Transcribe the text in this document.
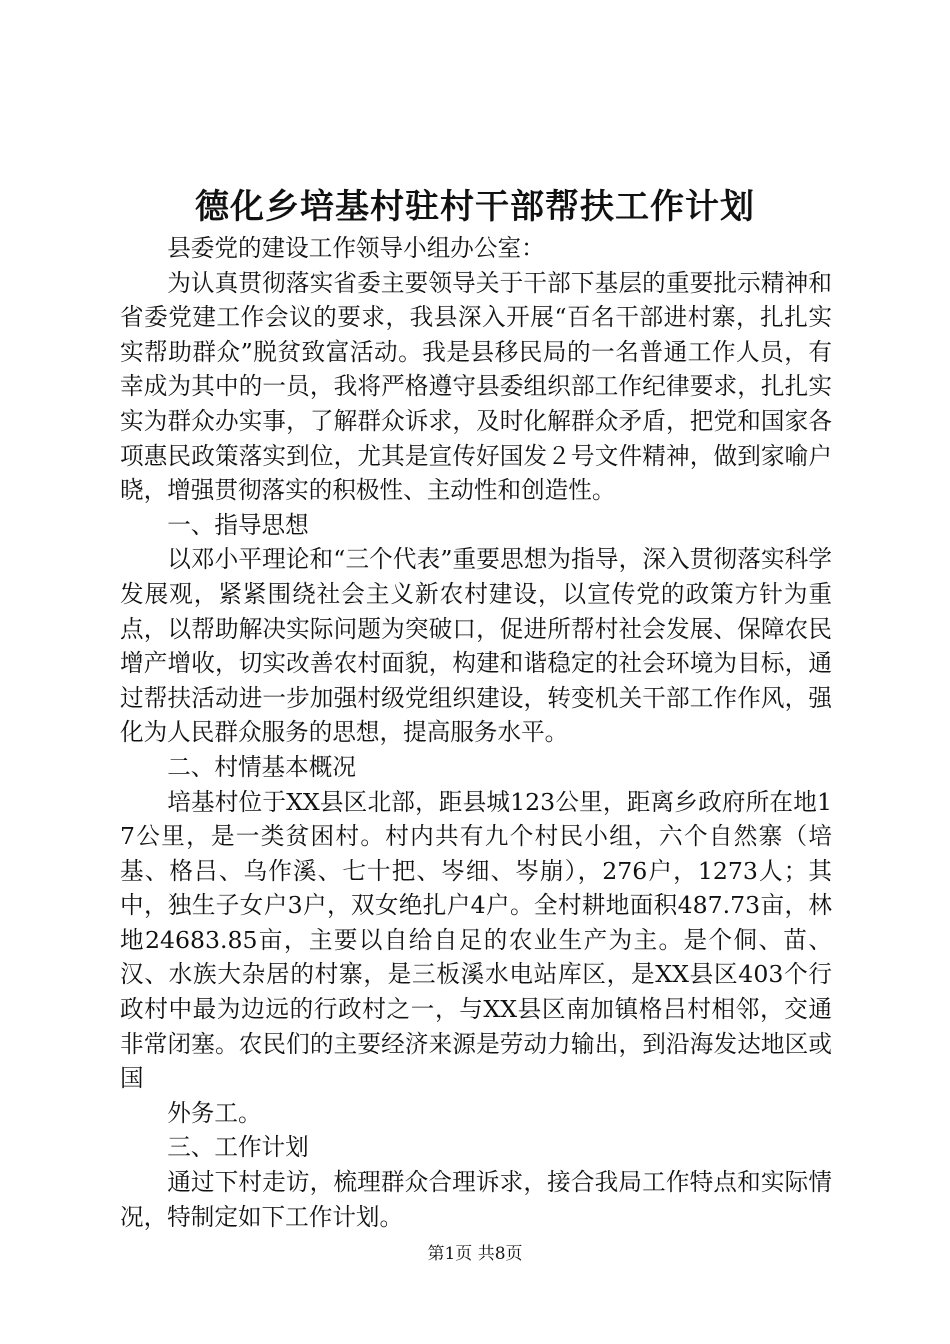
德化乡培基村驻村干部帮扶工作计划

县委党的建设工作领导小组办公室：

为认真贯彻落实省委主要领导关于干部下基层的重要批示精神和省委党建工作会议的要求，我县深入开展“百名干部进村寨，扎扎实实帮助群众”脱贫致富活动。我是县移民局的一名普通工作人员，有幸成为其中的一员，我将严格遵守县委组织部工作纪律要求，扎扎实实为群众办实事，了解群众诉求，及时化解群众矛盾，把党和国家各项惠民政策落实到位，尤其是宣传好国发２号文件精神，做到家喻户晓，增强贯彻落实的积极性、主动性和创造性。

一、指导思想

以邓小平理论和“三个代表”重要思想为指导，深入贯彻落实科学发展观，紧紧围绕社会主义新农村建设，以宣传党的政策方针为重点，以帮助解决实际问题为突破口，促进所帮村社会发展、保障农民增产增收，切实改善农村面貌，构建和谐稳定的社会环境为目标，通过帮扶活动进一步加强村级党组织建设，转变机关干部工作作风，强化为人民群众服务的思想，提高服务水平。

二、村情基本概况

培基村位于XX县区北部，距县城123公里，距离乡政府所在地17公里，是一类贫困村。村内共有九个村民小组，六个自然寨（培基、格吕、乌作溪、七十把、岑细、岑崩），276户，1273人；其中，独生子女户3户，双女绝扎户4户。全村耕地面积487.73亩，林地24683.85亩，主要以自给自足的农业生产为主。是个侗、苗、汉、水族大杂居的村寨，是三板溪水电站库区，是XX县区403个行政村中最为边远的行政村之一，与XX县区南加镇格吕村相邻，交通非常闭塞。农民们的主要经济来源是劳动力输出，到沿海发达地区或国

外务工。

三、工作计划

通过下村走访，梳理群众合理诉求，接合我局工作特点和实际情况，特制定如下工作计划。

第1页 共8页
